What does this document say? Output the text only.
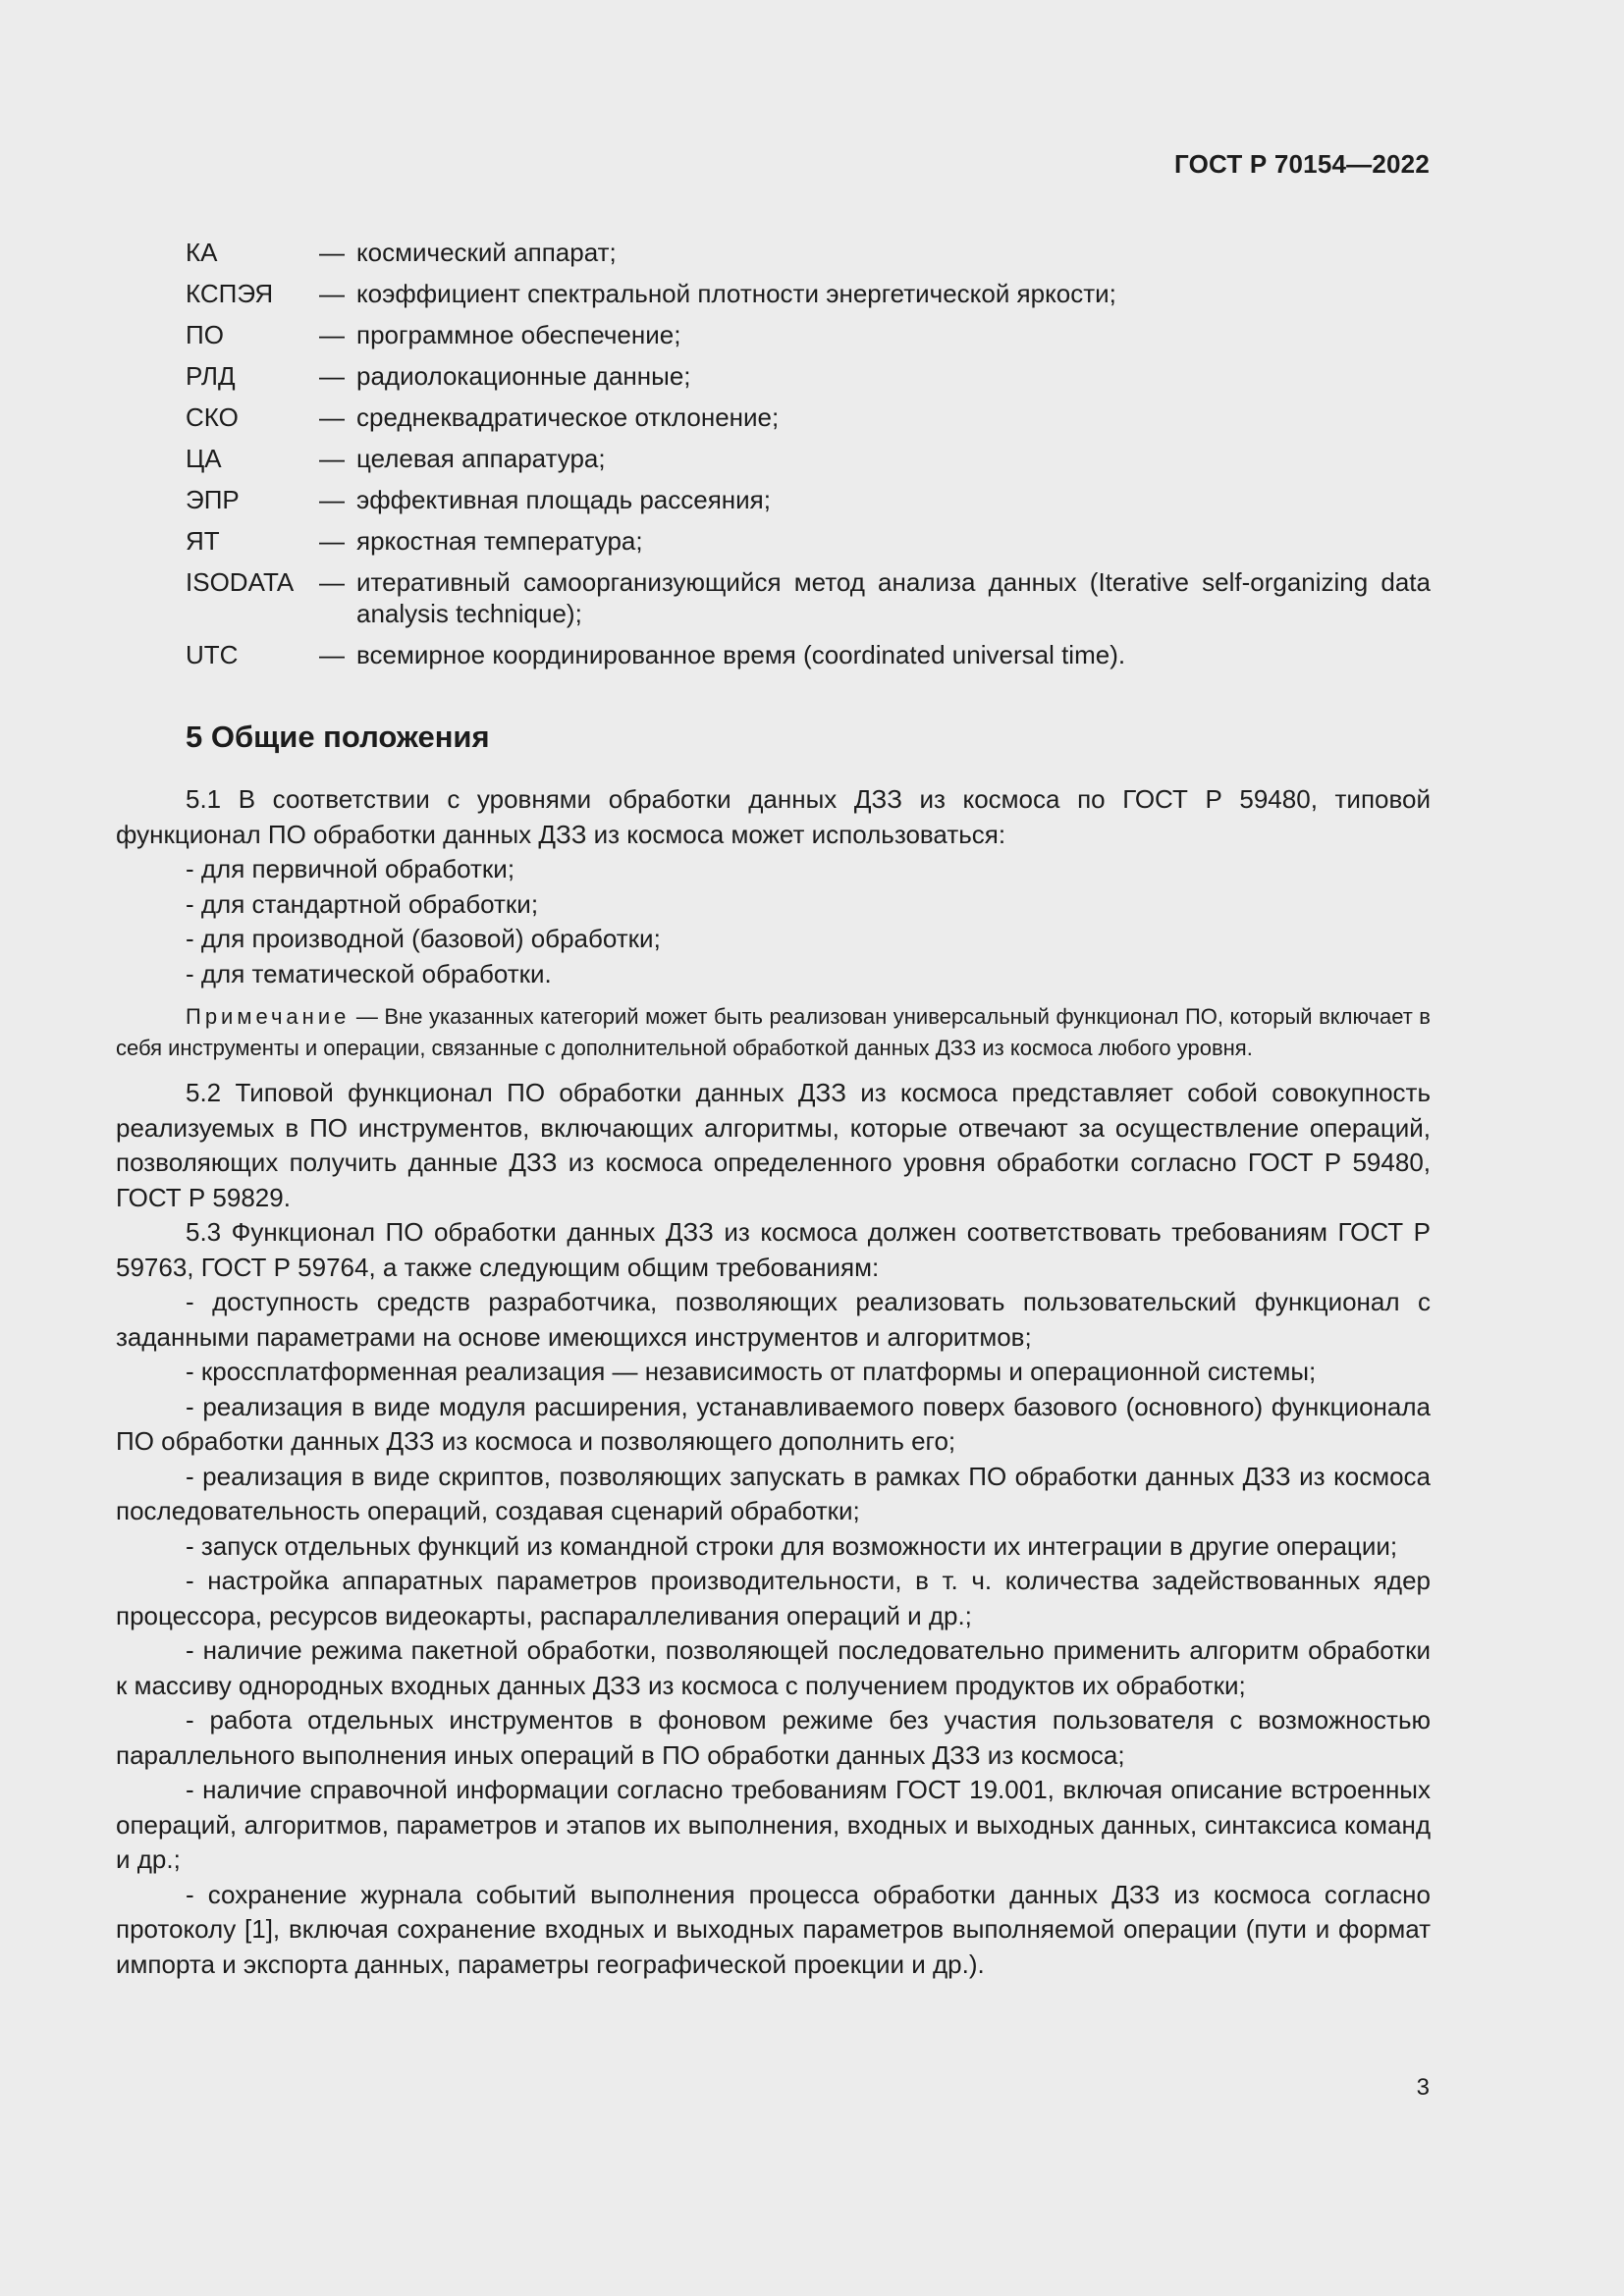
ГОСТ Р 70154—2022
КА	— космический аппарат;
КСПЭЯ	— коэффициент спектральной плотности энергетической яркости;
ПО	— программное обеспечение;
РЛД	— радиолокационные данные;
СКО	— среднеквадратическое отклонение;
ЦА	— целевая аппаратура;
ЭПР	— эффективная площадь рассеяния;
ЯТ	— яркостная температура;
ISODATA — итеративный самоорганизующийся метод анализа данных (Iterative self-organizing data analysis technique);
UTC	— всемирное координированное время (coordinated universal time).
5 Общие положения

5.1 В соответствии с уровнями обработки данных ДЗЗ из космоса по ГОСТ Р 59480, типовой функционал ПО обработки данных ДЗЗ из космоса может использоваться:

- для первичной обработки;

- для стандартной обработки;

- для производной (базовой) обработки;

- для тематической обработки.

Примечание — Вне указанных категорий может быть реализован универсальный функционал ПО, который включает в себя инструменты и операции, связанные с дополнительной обработкой данных ДЗЗ из космоса любого уровня.

5.2 Типовой функционал ПО обработки данных ДЗЗ из космоса представляет собой совокупность реализуемых в ПО инструментов, включающих алгоритмы, которые отвечают за осуществление операций, позволяющих получить данные ДЗЗ из космоса определенного уровня обработки согласно ГОСТ Р 59480, ГОСТ Р 59829.

5.3 Функционал ПО обработки данных ДЗЗ из космоса должен соответствовать требованиям ГОСТ Р 59763, ГОСТ Р 59764, а также следующим общим требованиям:

- доступность средств разработчика, позволяющих реализовать пользовательский функционал с заданными параметрами на основе имеющихся инструментов и алгоритмов;

- кроссплатформенная реализация — независимость от платформы и операционной системы;

- реализация в виде модуля расширения, устанавливаемого поверх базового (основного) функционала ПО обработки данных ДЗЗ из космоса и позволяющего дополнить его;

- реализация в виде скриптов, позволяющих запускать в рамках ПО обработки данных ДЗЗ из космоса последовательность операций, создавая сценарий обработки;

- запуск отдельных функций из командной строки для возможности их интеграции в другие операции;

- настройка аппаратных параметров производительности, в т. ч. количества задействованных ядер процессора, ресурсов видеокарты, распараллеливания операций и др.;

- наличие режима пакетной обработки, позволяющей последовательно применить алгоритм обработки к массиву однородных входных данных ДЗЗ из космоса с получением продуктов их обработки;

- работа отдельных инструментов в фоновом режиме без участия пользователя с возможностью параллельного выполнения иных операций в ПО обработки данных ДЗЗ из космоса;

- наличие справочной информации согласно требованиям ГОСТ 19.001, включая описание встроенных операций, алгоритмов, параметров и этапов их выполнения, входных и выходных данных, синтаксиса команд и др.;

- сохранение журнала событий выполнения процесса обработки данных ДЗЗ из космоса согласно протоколу [1], включая сохранение входных и выходных параметров выполняемой операции (пути и формат импорта и экспорта данных, параметры географической проекции и др.).

3
